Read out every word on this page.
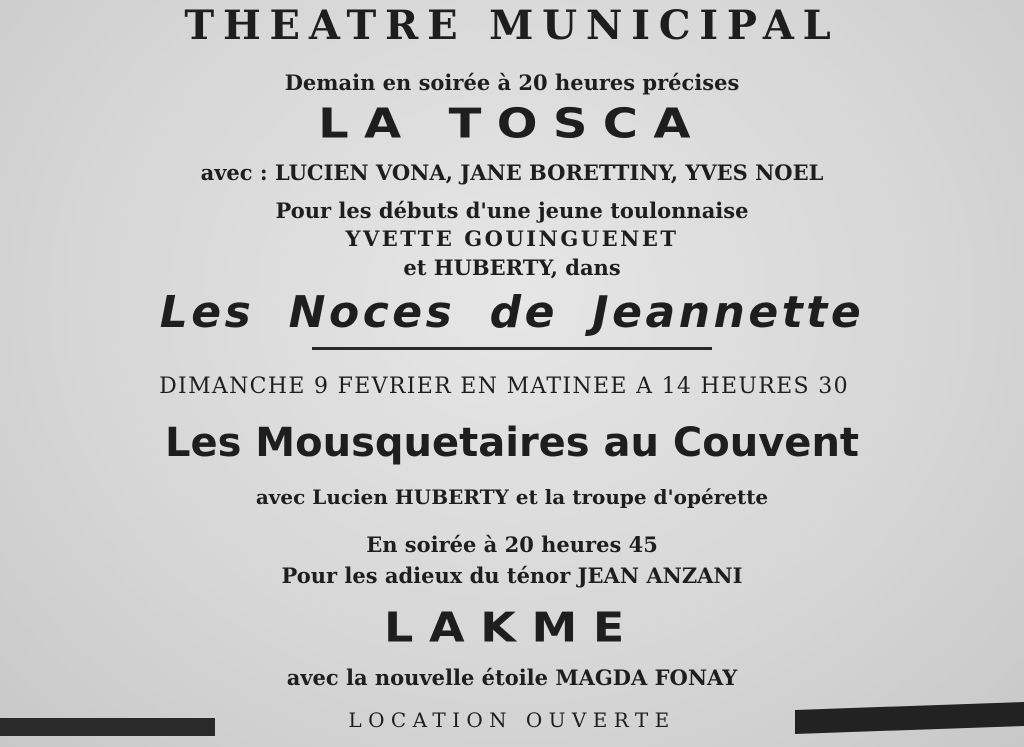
THEATRE MUNICIPAL
Demain en soirée à 20 heures précises
LA TOSCA
avec : LUCIEN VONA, JANE BORETTINY, YVES NOEL
Pour les débuts d'une jeune toulonnaise
YVETTE GOUINGUENET
et HUBERTY, dans
Les Noces de Jeannette
DIMANCHE 9 FEVRIER EN MATINEE A 14 HEURES 30
Les Mousquetaires au Couvent
avec Lucien HUBERTY et la troupe d'opérette
En soirée à 20 heures 45
Pour les adieux du ténor JEAN ANZANI
LAKME
avec la nouvelle étoile MAGDA FONAY
LOCATION OUVERTE
